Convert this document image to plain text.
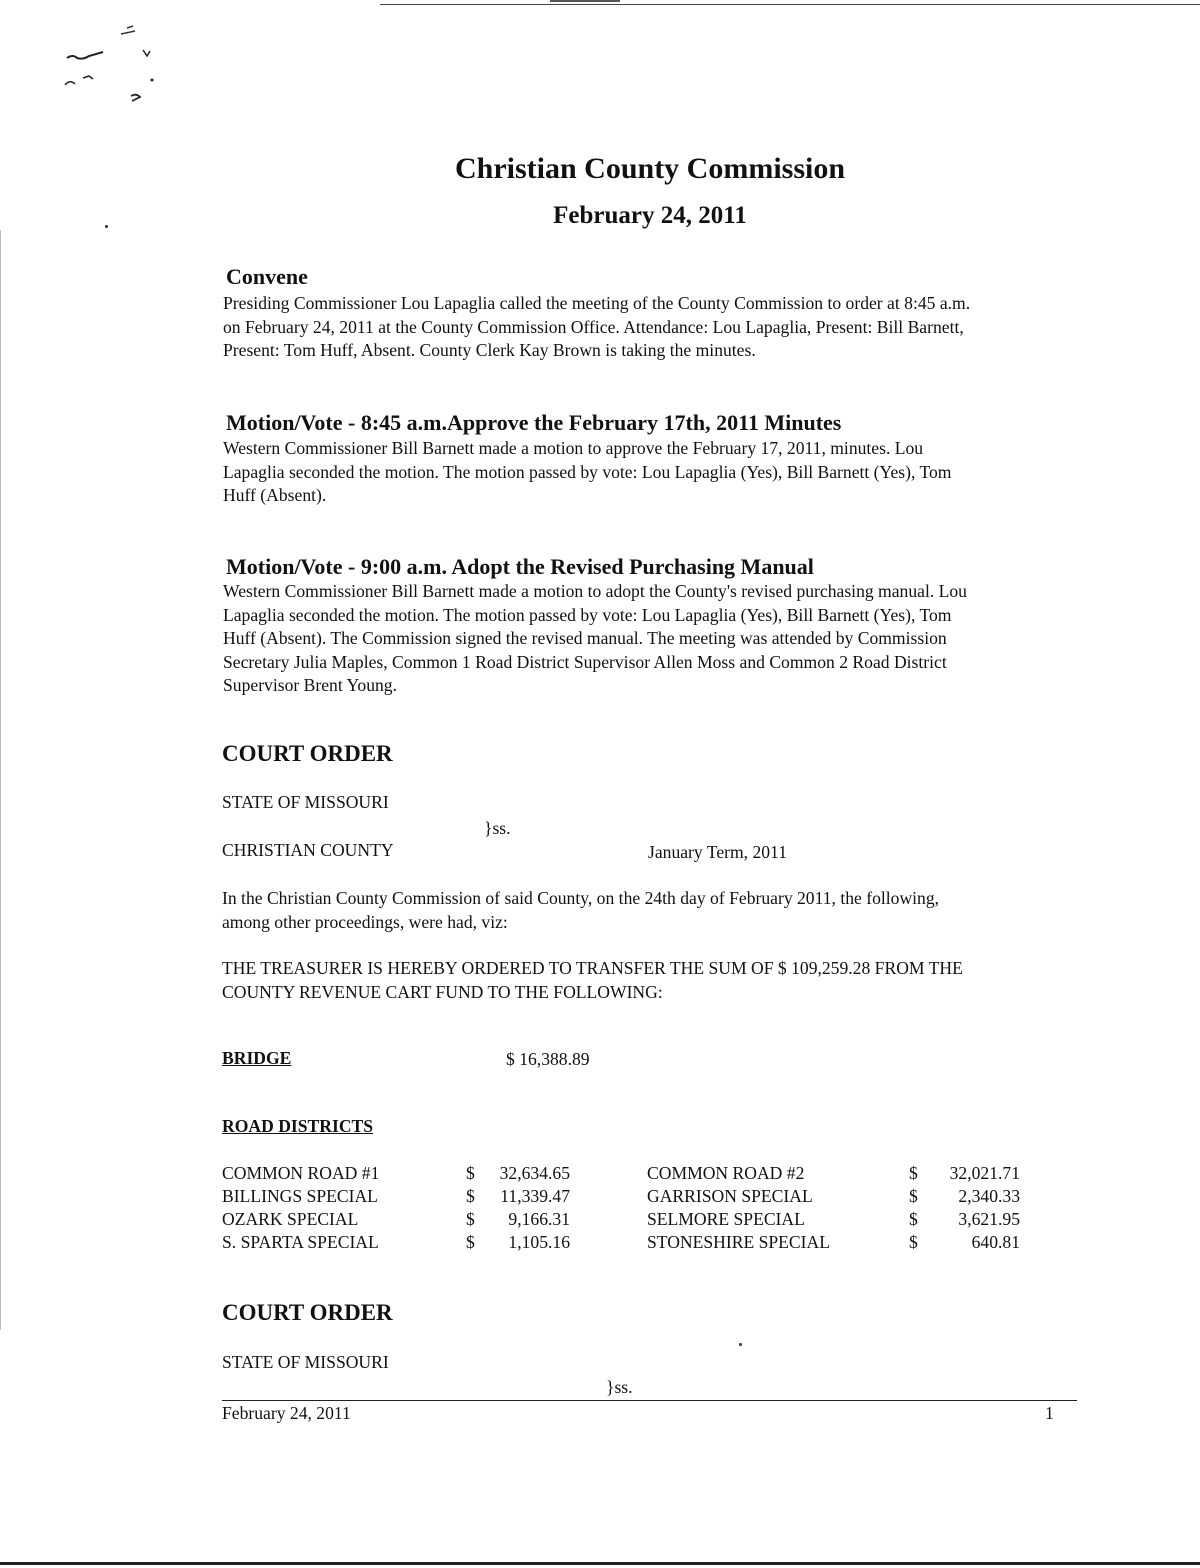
Christian County Commission
February 24, 2011
Convene

Presiding Commissioner Lou Lapaglia called the meeting of the County Commission to order at 8:45 a.m.

on February 24, 2011 at the County Commission Office. Attendance: Lou Lapaglia, Present: Bill Barnett,

Present: Tom Huff, Absent. County Clerk Kay Brown is taking the minutes.

Motion/Vote - 8:45 a.m.Approve the February 17th, 2011 Minutes

Western Commissioner Bill Barnett made a motion to approve the February 17, 2011, minutes. Lou

Lapaglia seconded the motion. The motion passed by vote: Lou Lapaglia (Yes), Bill Barnett (Yes), Tom

Huff (Absent).

Motion/Vote - 9:00 a.m. Adopt the Revised Purchasing Manual

Western Commissioner Bill Barnett made a motion to adopt the County's revised purchasing manual. Lou

Lapaglia seconded the motion. The motion passed by vote: Lou Lapaglia (Yes), Bill Barnett (Yes), Tom

Huff (Absent). The Commission signed the revised manual. The meeting was attended by Commission

Secretary Julia Maples, Common 1 Road District Supervisor Allen Moss and Common 2 Road District

Supervisor Brent Young.

COURT ORDER
STATE OF MISSOURI
}ss.
CHRISTIAN COUNTY	January Term, 2011

In the Christian County Commission of said County, on the 24th day of February 2011, the following,

among other proceedings, were had, viz:

THE TREASURER IS HEREBY ORDERED TO TRANSFER THE SUM OF $ 109,259.28 FROM THE

COUNTY REVENUE CART FUND TO THE FOLLOWING:

BRIDGE	$ 16,388.89
ROAD DISTRICTS
COMMON ROAD #1	$	32,634.65	COMMON ROAD #2	$	32,021.71
BILLINGS SPECIAL	$	11,339.47	GARRISON SPECIAL	$	2,340.33
OZARK SPECIAL	$	9,166.31	SELMORE SPECIAL	$	3,621.95
S. SPARTA SPECIAL	$	1,105.16	STONESHIRE SPECIAL	$	640.81
COURT ORDER
STATE OF MISSOURI
}ss.
February 24, 2011	1
